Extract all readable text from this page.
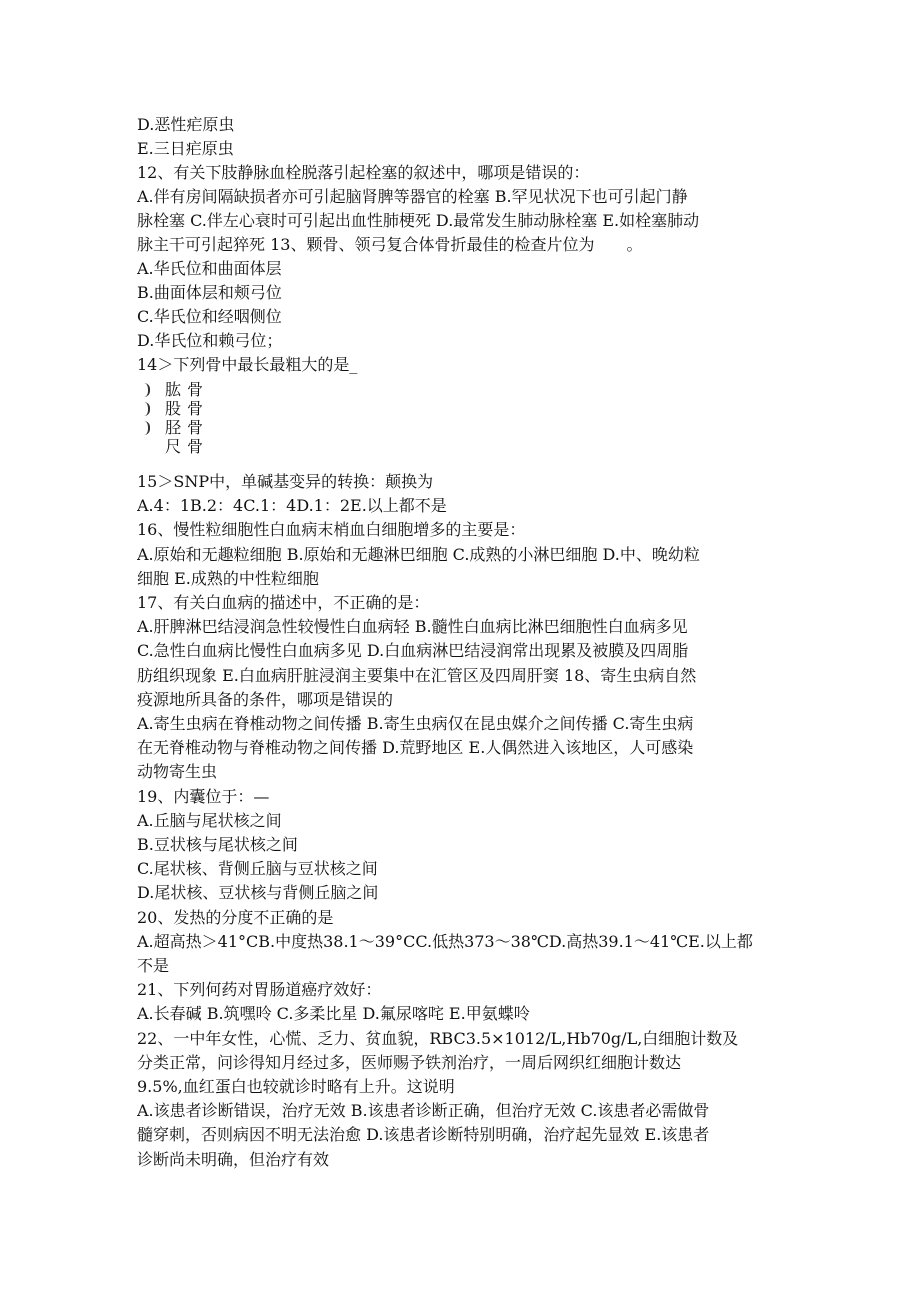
D.恶性疟原虫
E.三日疟原虫
12、有关下肢静脉血栓脱落引起栓塞的叙述中，哪项是错误的：
A.伴有房间隔缺损者亦可引起脑肾脾等器官的栓塞 B.罕见状况下也可引起门静
脉栓塞 C.伴左心衰时可引起出血性肺梗死 D.最常发生肺动脉栓塞 E.如栓塞肺动
脉主干可引起猝死 13、颗骨、领弓复合体骨折最佳的检查片位为　　。
A.华氏位和曲面体层
B.曲面体层和颊弓位
C.华氏位和经咽侧位
D.华氏位和赖弓位；
14＞下列骨中最长最粗大的是_
肱骨
股骨
胫骨
尺骨
15＞SNP中，单碱基变异的转换：颠换为
A.4：1B.2：4C.1：4D.1：2E.以上都不是
16、慢性粒细胞性白血病末梢血白细胞增多的主要是：
A.原始和无趣粒细胞 B.原始和无趣淋巴细胞 C.成熟的小淋巴细胞 D.中、晚幼粒
细胞 E.成熟的中性粒细胞
17、有关白血病的描述中，不正确的是：
A.肝脾淋巴结浸润急性较慢性白血病轻 B.髓性白血病比淋巴细胞性白血病多见
C.急性白血病比慢性白血病多见 D.白血病淋巴结浸润常出现累及被膜及四周脂
肪组织现象 E.白血病肝脏浸润主要集中在汇管区及四周肝窦 18、寄生虫病自然
疫源地所具备的条件，哪项是错误的
A.寄生虫病在脊椎动物之间传播 B.寄生虫病仅在昆虫媒介之间传播 C.寄生虫病
在无脊椎动物与脊椎动物之间传播 D.荒野地区 E.人偶然进入该地区，人可感染
动物寄生虫
19、内囊位于：—
A.丘脑与尾状核之间
B.豆状核与尾状核之间
C.尾状核、背侧丘脑与豆状核之间
D.尾状核、豆状核与背侧丘脑之间
20、发热的分度不正确的是
A.超高热＞41°CB.中度热38.1～39°CC.低热373～38℃D.高热39.1～41℃E.以上都
不是
21、下列何药对胃肠道癌疗效好：
A.长春碱 B.筑嘿呤 C.多柔比星 D.氟尿喀咤 E.甲氨蝶呤
22、一中年女性，心慌、乏力、贫血貌，RBC3.5×1012∕L,Hb70g∕L,白细胞计数及
分类正常，问诊得知月经过多，医师赐予铁剂治疗，一周后网织红细胞计数达
9.5%,血红蛋白也较就诊时略有上升。这说明
A.该患者诊断错误，治疗无效 B.该患者诊断正确，但治疗无效 C.该患者必需做骨
髓穿刺，否则病因不明无法治愈 D.该患者诊断特别明确，治疗起先显效 E.该患者
诊断尚未明确，但治疗有效
